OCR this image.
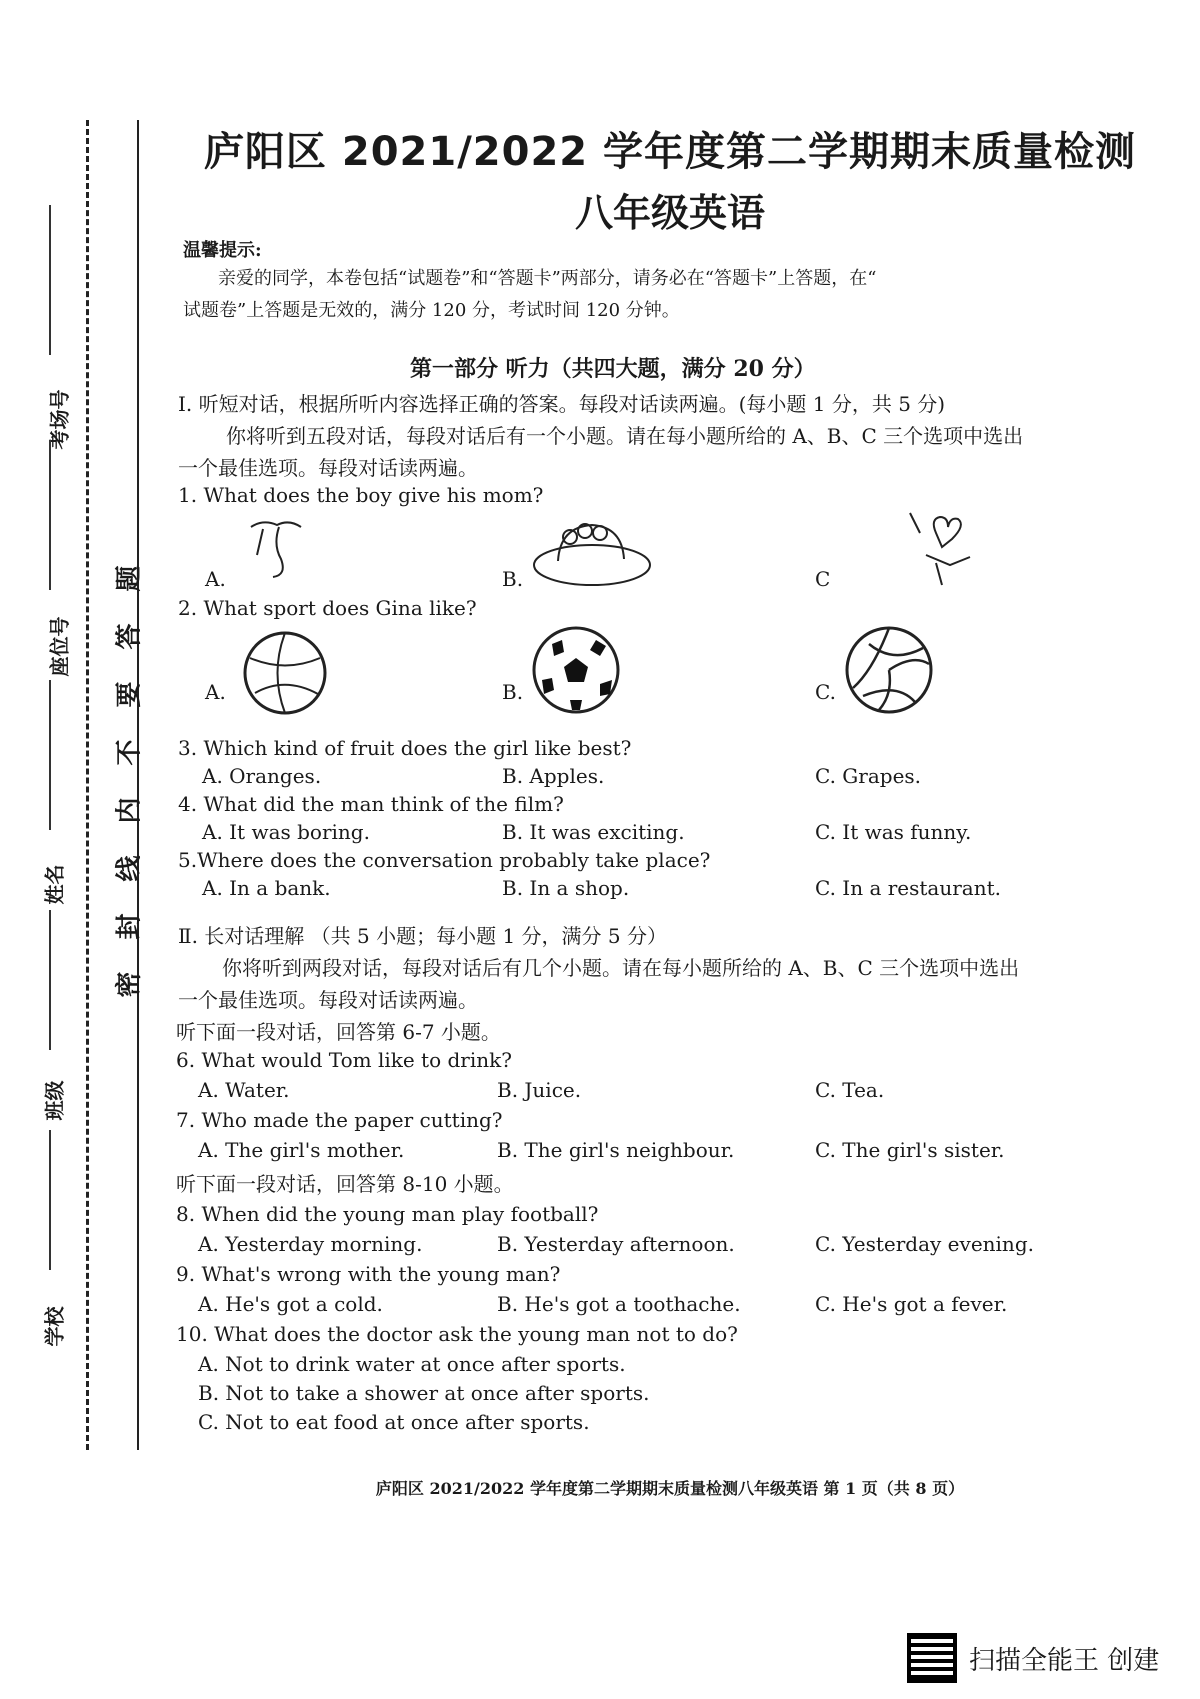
考场号
座位号
姓名
班级
学校
题
答
要
不
内
线
封
密
庐阳区 2021/2022 学年度第二学期期末质量检测
八年级英语
温馨提示:
亲爱的同学，本卷包括“试题卷”和“答题卡”两部分，请务必在“答题卡”上答题，在“
试题卷”上答题是无效的，满分 120 分，考试时间 120 分钟。
第一部分 听力（共四大题，满分 20 分）
Ⅰ. 听短对话，根据所听内容选择正确的答案。每段对话读两遍。(每小题 1 分，共 5 分)
你将听到五段对话，每段对话后有一个小题。请在每小题所给的 A、B、C 三个选项中选出
一个最佳选项。每段对话读两遍。
1. What does the boy give his mom?
A.	B.	C
2. What sport does Gina like?
A.	B.	C.
3. Which kind of fruit does the girl like best?
A. Oranges.	B. Apples.	C. Grapes.
4. What did the man think of the film?
A. It was boring.	B. It was exciting.	C. It was funny.
5.Where does the conversation probably take place?
A. In a bank.	B. In a shop.	C. In a restaurant.
Ⅱ. 长对话理解 （共 5 小题；每小题 1 分，满分 5 分）
你将听到两段对话，每段对话后有几个小题。请在每小题所给的 A、B、C 三个选项中选出
一个最佳选项。每段对话读两遍。
听下面一段对话，回答第 6-7 小题。
6. What would Tom like to drink?
A. Water.	B. Juice.	C. Tea.
7. Who made the paper cutting?
A. The girl's mother.	B. The girl's neighbour.	C. The girl's sister.
听下面一段对话，回答第 8-10 小题。
8. When did the young man play football?
A. Yesterday morning.	B. Yesterday afternoon.	C. Yesterday evening.
9. What's wrong with the young man?
A. He's got a cold.	B. He's got a toothache.	C. He's got a fever.
10. What does the doctor ask the young man not to do?
A. Not to drink water at once after sports.
B. Not to take a shower at once after sports.
C. Not to eat food at once after sports.
庐阳区 2021/2022 学年度第二学期期末质量检测八年级英语 第 1 页（共 8 页）
扫描全能王 创建
